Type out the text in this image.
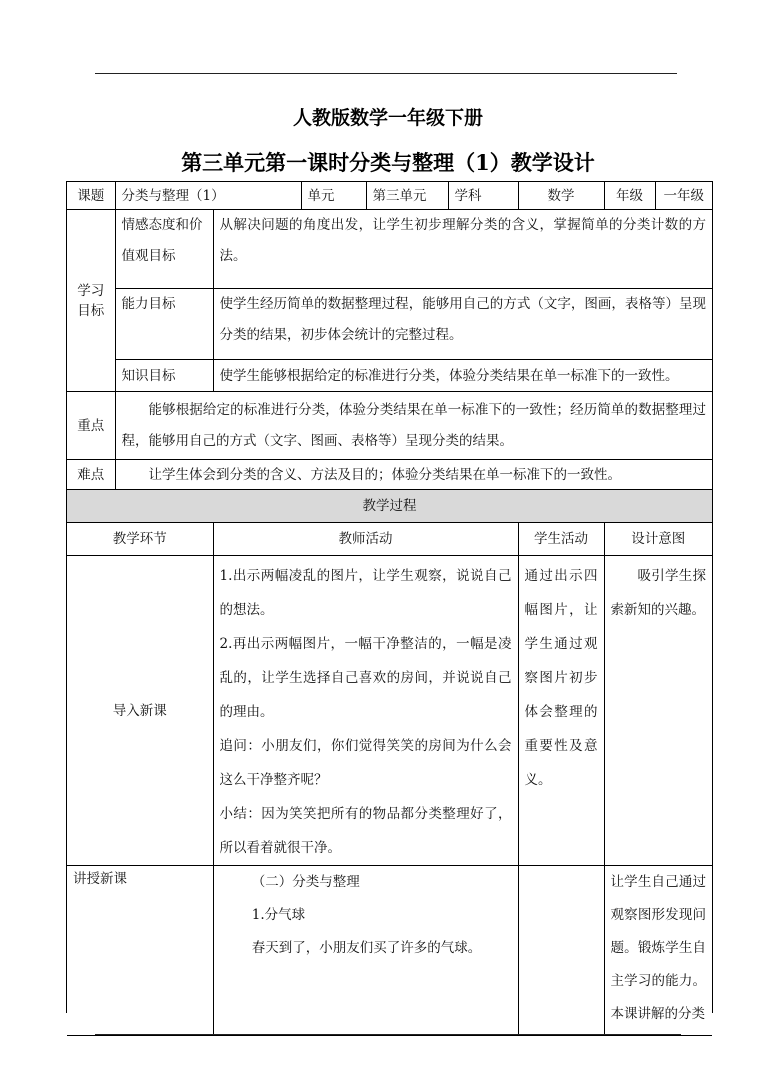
人教版数学一年级下册
第三单元第一课时分类与整理（1）教学设计
课题	分类与整理（1）		单元	第三单元	学科	数学	年级	一年级
学习目标	情感态度和价值观目标	从解决问题的角度出发，让学生初步理解分类的含义，掌握简单的分类计数的方法。						
	能力目标	使学生经历简单的数据整理过程，能够用自己的方式（文字，图画，表格等）呈现分类的结果，初步体会统计的完整过程。						
	知识目标	使学生能够根据给定的标准进行分类，体验分类结果在单一标准下的一致性。						
重点	能够根据给定的标准进行分类，体验分类结果在单一标准下的一致性；经历简单的数据整理过程，能够用自己的方式（文字、图画、表格等）呈现分类的结果。							
难点	让学生体会到分类的含义、方法及目的；体验分类结果在单一标准下的一致性。							
教学过程								
教学环节		教师活动				学生活动	设计意图	
导入新课		1.出示两幅凌乱的图片，让学生观察，说说自己的想法。

2.再出示两幅图片，一幅干净整洁的，一幅是凌乱的，让学生选择自己喜欢的房间，并说说自己的理由。

追问：小朋友们，你们觉得笑笑的房间为什么会这么干净整齐呢？

小结：因为笑笑把所有的物品都分类整理好了，所以看着就很干净。				通过出示四幅图片，让学生通过观察图片初步体会整理的重要性及意义。	吸引学生探索新知的兴趣。	
讲授新课		（二）分类与整理

1.分气球

春天到了，小朋友们买了许多的气球。					让学生自己通过观察图形发现问题。锻炼学生自主学习的能力。本课讲解的分类	
